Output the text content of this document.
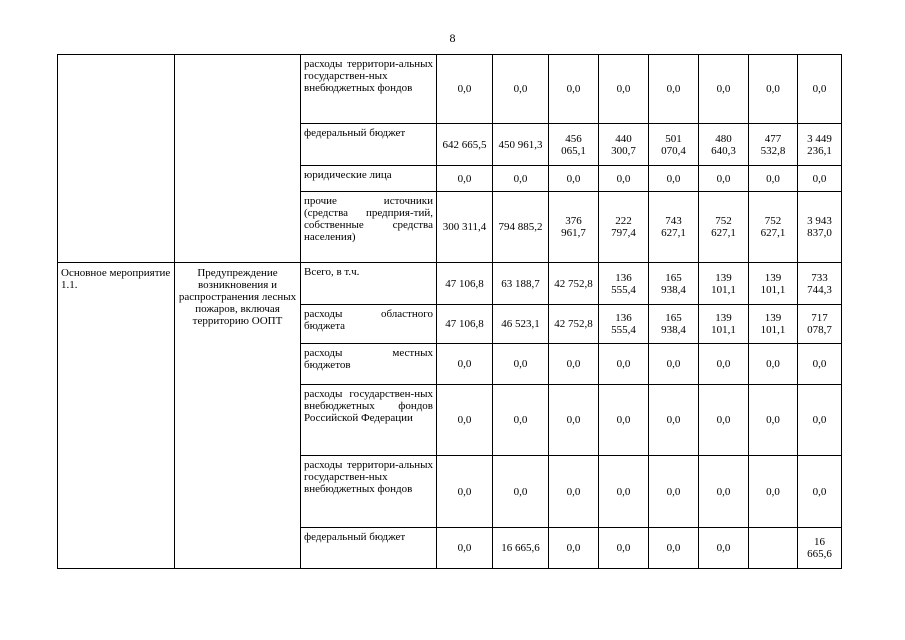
8
		расходы территори-альных государствен-ных внебюджетных фондов	0,0	0,0	0,0	0,0	0,0	0,0	0,0	0,0
		федеральный бюджет	642 665,5	450 961,3	456 065,1	440 300,7	501 070,4	480 640,3	477 532,8	3 449 236,1
		юридические лица	0,0	0,0	0,0	0,0	0,0	0,0	0,0	0,0
		прочие источники (средства предприя-тий, собственные средства населения)	300 311,4	794 885,2	376 961,7	222 797,4	743 627,1	752 627,1	752 627,1	3 943 837,0
Основное мероприятие 1.1.	Предупреждение возникновения и распространения лесных пожаров, включая территорию ООПТ	Всего, в т.ч.	47 106,8	63 188,7	42 752,8	136 555,4	165 938,4	139 101,1	139 101,1	733 744,3
		расходы областного бюджета	47 106,8	46 523,1	42 752,8	136 555,4	165 938,4	139 101,1	139 101,1	717 078,7
		расходы местных бюджетов	0,0	0,0	0,0	0,0	0,0	0,0	0,0	0,0
		расходы государствен-ных внебюджетных фондов Российской Федерации	0,0	0,0	0,0	0,0	0,0	0,0	0,0	0,0
		расходы территори-альных государствен-ных внебюджетных фондов	0,0	0,0	0,0	0,0	0,0	0,0	0,0	0,0
		федеральный бюджет	0,0	16 665,6	0,0	0,0	0,0	0,0		16 665,6
